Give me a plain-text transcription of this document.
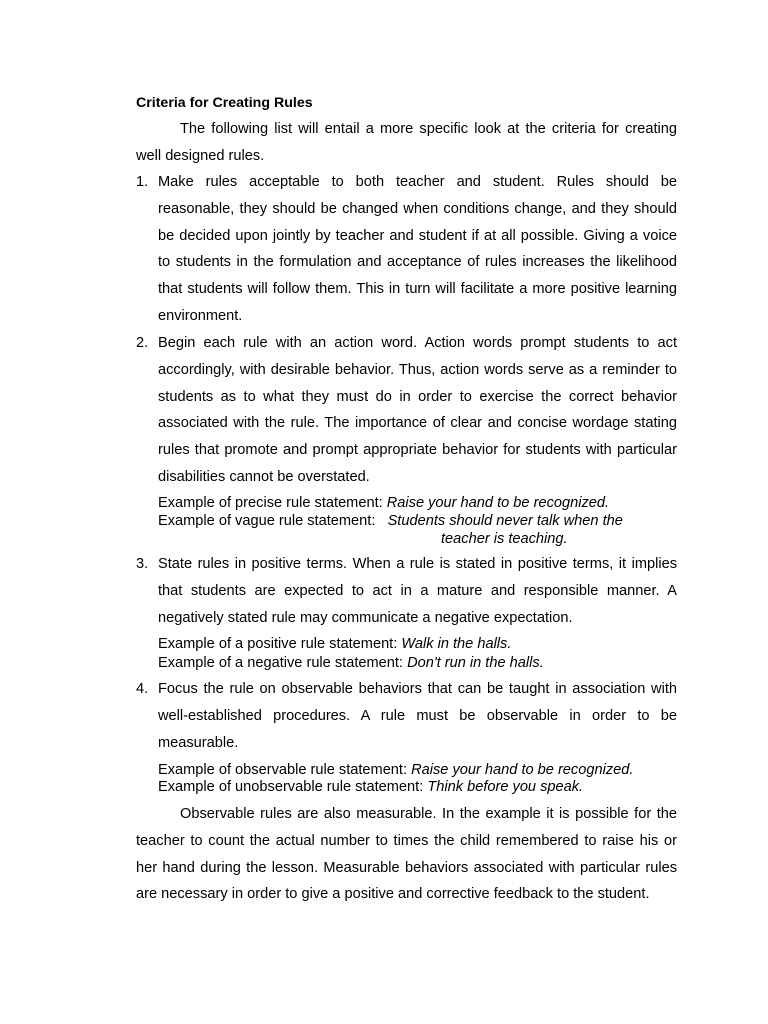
Criteria for Creating Rules

The following list will entail a more specific look at the criteria for creating well designed rules.

1. Make rules acceptable to both teacher and student. Rules should be reasonable, they should be changed when conditions change, and they should be decided upon jointly by teacher and student if at all possible. Giving a voice to students in the formulation and acceptance of rules increases the likelihood that students will follow them. This in turn will facilitate a more positive learning environment.

2. Begin each rule with an action word. Action words prompt students to act accordingly, with desirable behavior. Thus, action words serve as a reminder to students as to what they must do in order to exercise the correct behavior associated with the rule. The importance of clear and concise wordage stating rules that promote and prompt appropriate behavior for students with particular disabilities cannot be overstated.

Example of precise rule statement: Raise your hand to be recognized.
Example of vague rule statement: Students should never talk when the
teacher is teaching.
3. State rules in positive terms. When a rule is stated in positive terms, it implies that students are expected to act in a mature and responsible manner. A negatively stated rule may communicate a negative expectation.

Example of a positive rule statement: Walk in the halls.
Example of a negative rule statement: Don't run in the halls.
4. Focus the rule on observable behaviors that can be taught in association with well-established procedures. A rule must be observable in order to be measurable.

Example of observable rule statement: Raise your hand to be recognized.
Example of unobservable rule statement: Think before you speak.

Observable rules are also measurable. In the example it is possible for the teacher to count the actual number to times the child remembered to raise his or her hand during the lesson. Measurable behaviors associated with particular rules are necessary in order to give a positive and corrective feedback to the student.
